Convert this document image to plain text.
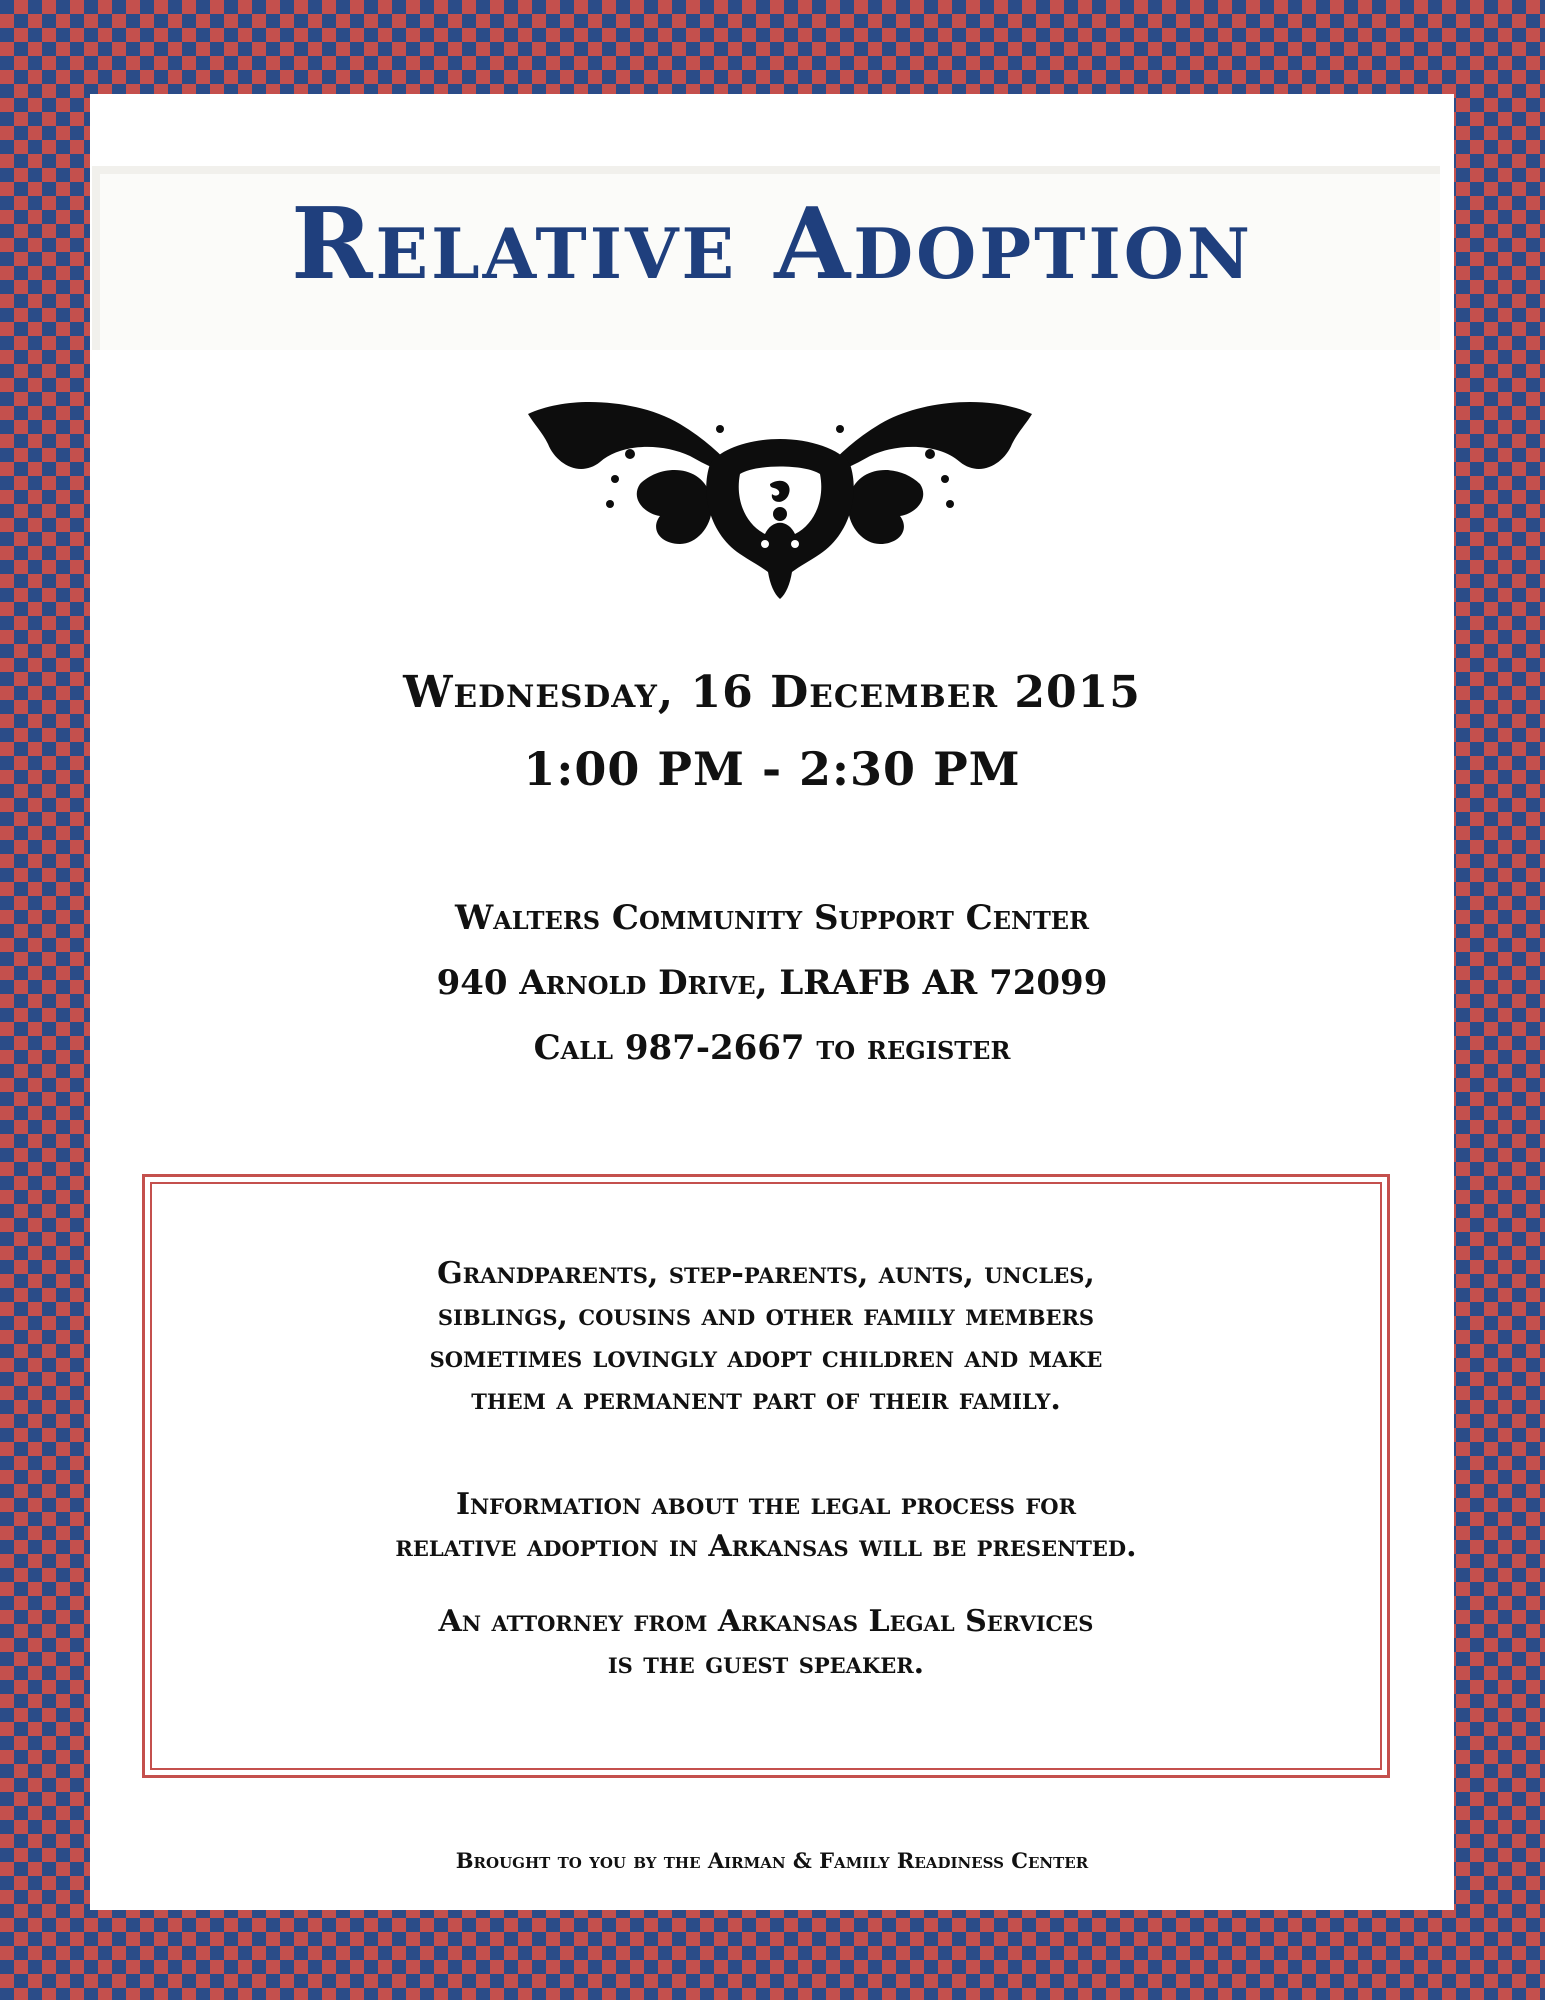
Relative Adoption
Wednesday, 16 December 2015
1:00 PM - 2:30 PM
Walters Community Support Center
940 Arnold Drive, LRAFB AR 72099
Call 987-2667 to register
Grandparents, step-parents, aunts, uncles,
siblings, cousins and other family members
sometimes lovingly adopt children and make
them a permanent part of their family.
Information about the legal process for
relative adoption in Arkansas will be presented.
An attorney from Arkansas Legal Services
is the guest speaker.
Brought to you by the Airman & Family Readiness Center
